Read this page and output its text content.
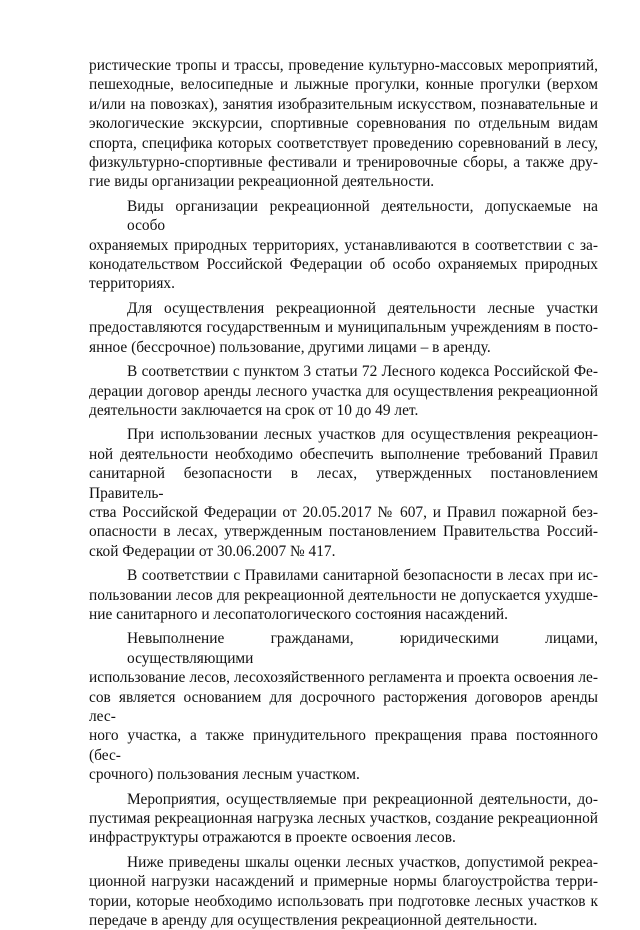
ристические тропы и трассы, проведение культурно-массовых мероприятий,
пешеходные, велосипедные и лыжные прогулки, конные прогулки (верхом
и/или на повозках), занятия изобразительным искусством, познавательные и
экологические экскурсии, спортивные соревнования по отдельным видам
спорта, специфика которых соответствует проведению соревнований в лесу,
физкультурно-спортивные фестивали и тренировочные сборы, а также дру-
гие виды организации рекреационной деятельности.

Виды организации рекреационной деятельности, допускаемые на особо
охраняемых природных территориях, устанавливаются в соответствии с за-
конодательством Российской Федерации об особо охраняемых природных
территориях.

Для осуществления рекреационной деятельности лесные участки
предоставляются государственным и муниципальным учреждениям в посто-
янное (бессрочное) пользование, другими лицами – в аренду.

В соответствии с пунктом 3 статьи 72 Лесного кодекса Российской Фе-
дерации договор аренды лесного участка для осуществления рекреационной
деятельности заключается на срок от 10 до 49 лет.

При использовании лесных участков для осуществления рекреацион-
ной деятельности необходимо обеспечить выполнение требований Правил
санитарной безопасности в лесах, утвержденных постановлением Правитель-
ства Российской Федерации от 20.05.2017 № 607, и Правил пожарной без-
опасности в лесах, утвержденным постановлением Правительства Россий-
ской Федерации от 30.06.2007 № 417.

В соответствии с Правилами санитарной безопасности в лесах при ис-
пользовании лесов для рекреационной деятельности не допускается ухудше-
ние санитарного и лесопатологического состояния насаждений.

Невыполнение гражданами, юридическими лицами, осуществляющими
использование лесов, лесохозяйственного регламента и проекта освоения ле-
сов является основанием для досрочного расторжения договоров аренды лес-
ного участка, а также принудительного прекращения права постоянного (бес-
срочного) пользования лесным участком.

Мероприятия, осуществляемые при рекреационной деятельности, до-
пустимая рекреационная нагрузка лесных участков, создание рекреационной
инфраструктуры отражаются в проекте освоения лесов.

Ниже приведены шкалы оценки лесных участков, допустимой рекреа-
ционной нагрузки насаждений и примерные нормы благоустройства терри-
тории, которые необходимо использовать при подготовке лесных участков к
передаче в аренду для осуществления рекреационной деятельности.
